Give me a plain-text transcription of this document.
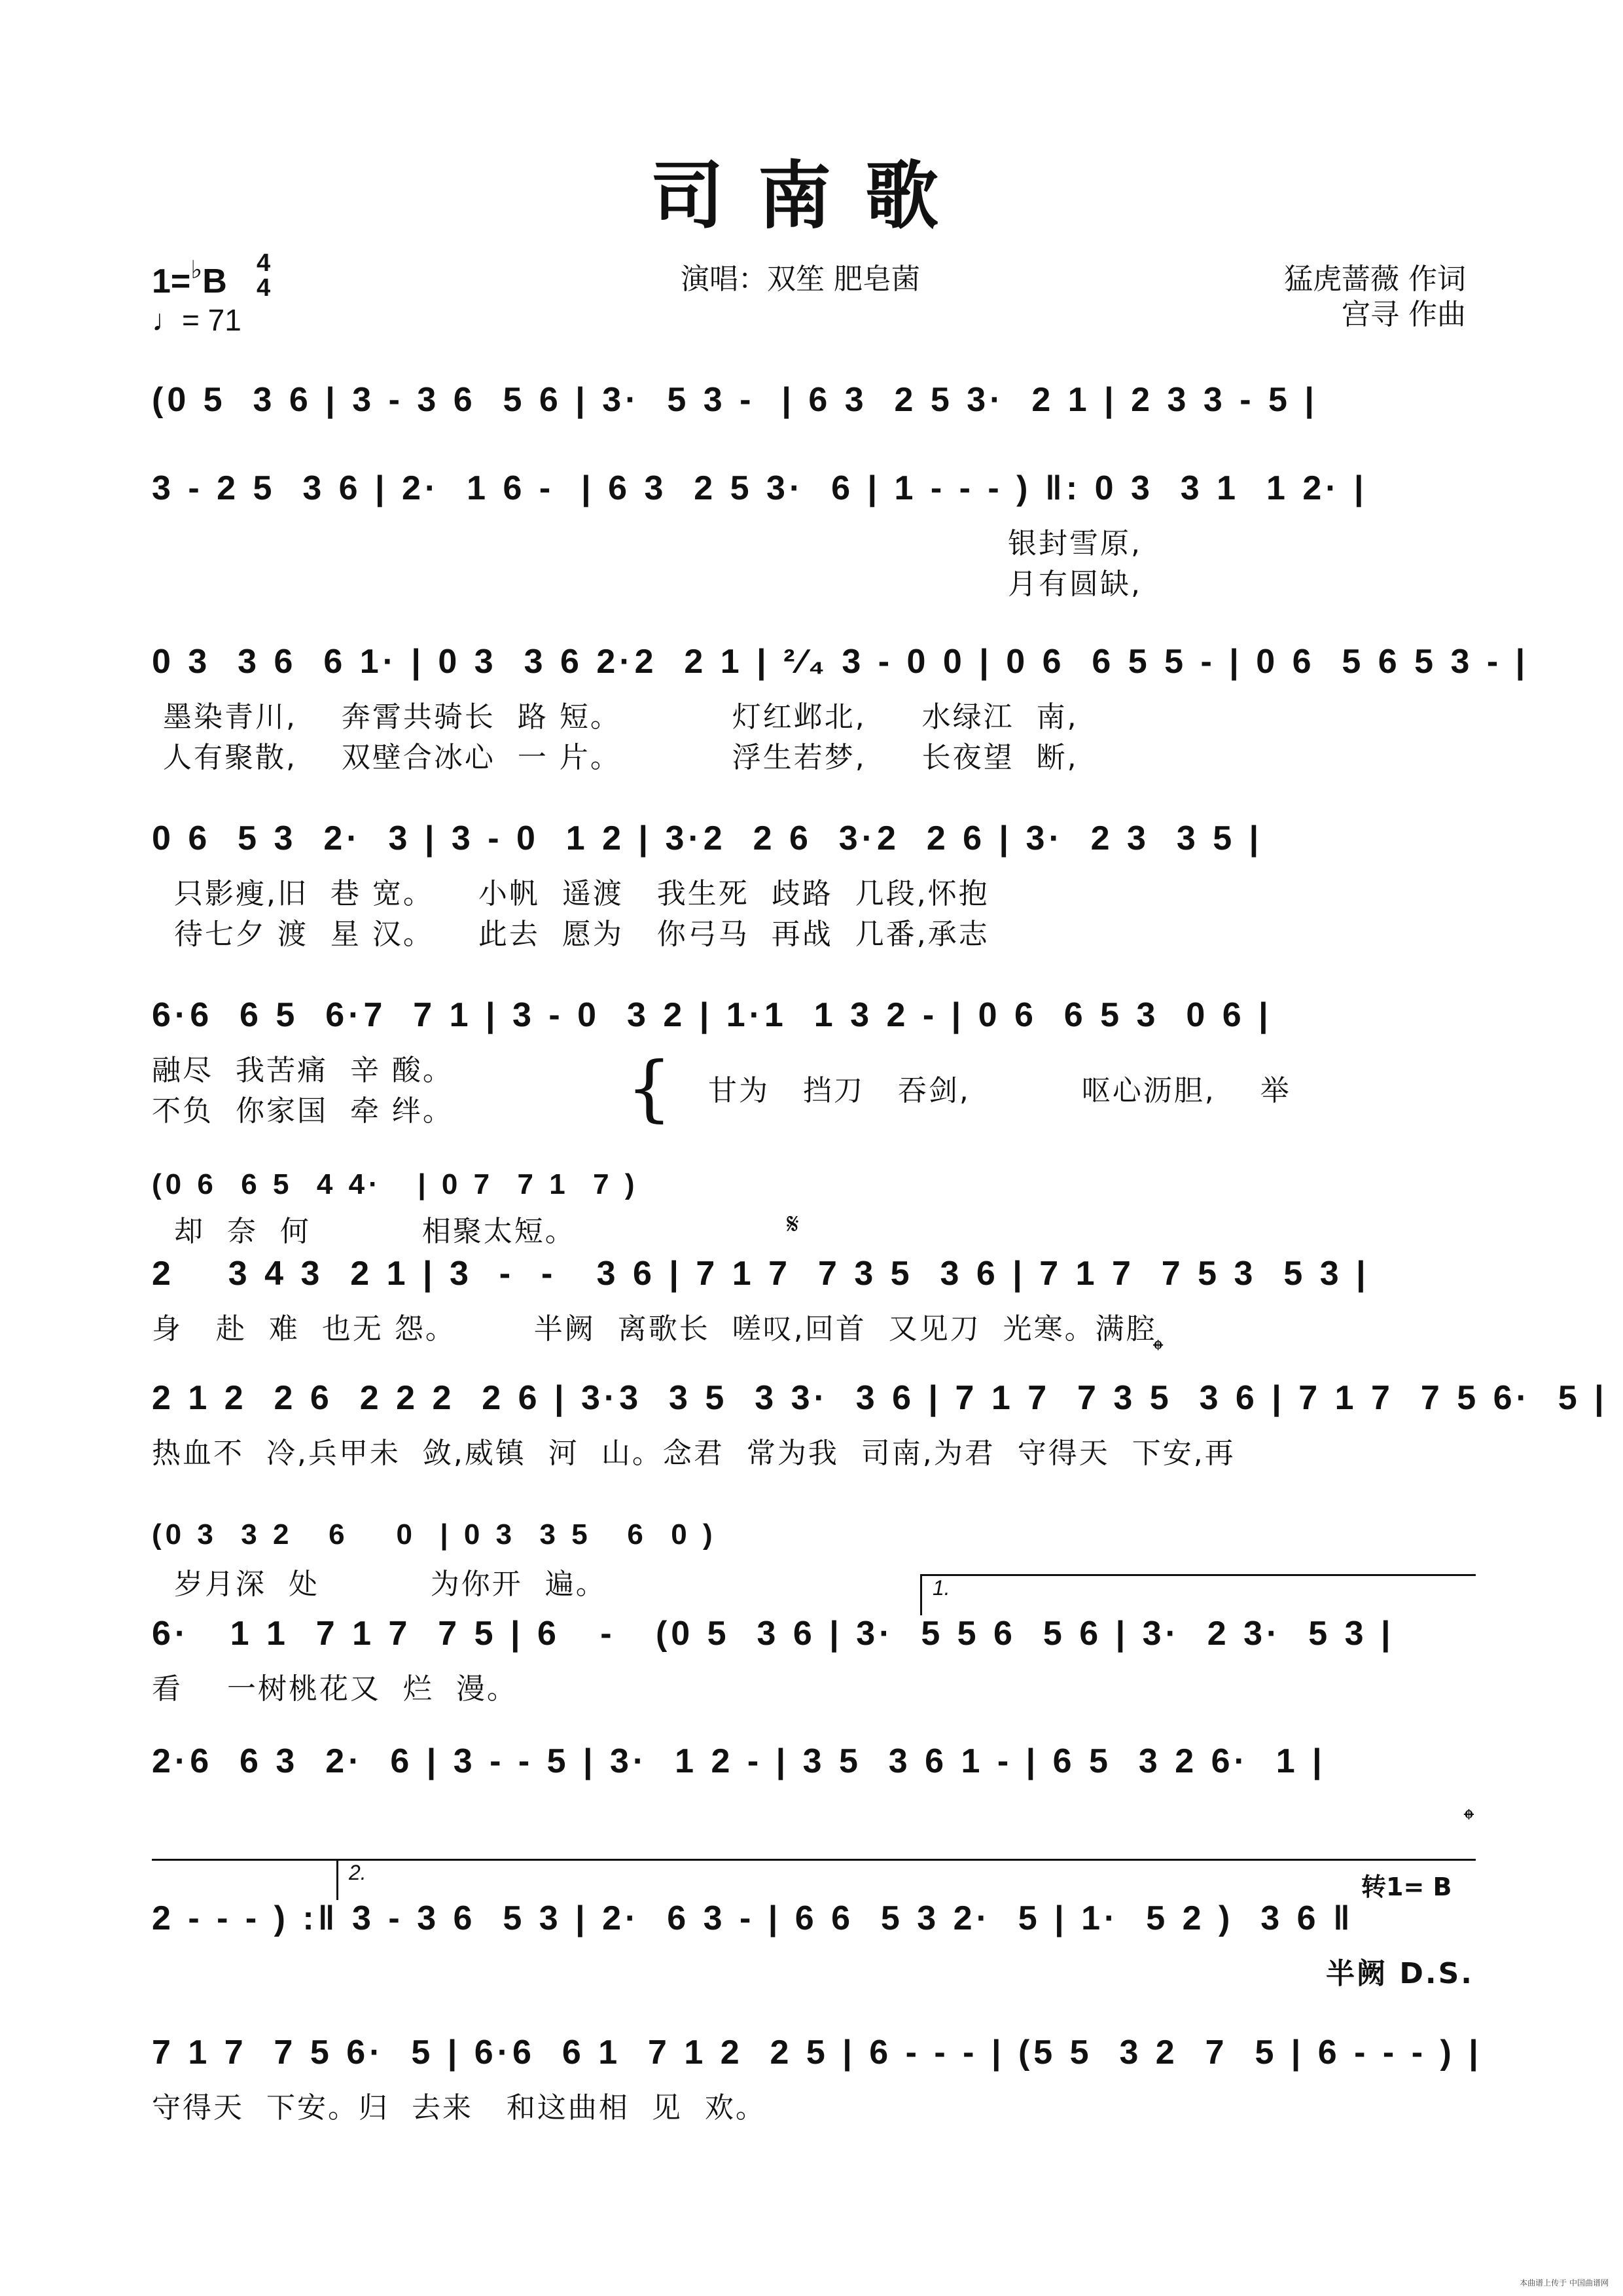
司南歌
1=♭B 4
4
♩= 71
演唱：双笙 肥皂菌	猛虎蔷薇 作词
宫寻 作曲
(0 5  3 6 | 3 - 3 6  5 6 | 3·  5 3 -  | 6 3  2 5 3·  2 1 | 2 3 3 - 5 |
3 - 2 5  3 6 | 2·  1 6 -  | 6 3  2 5 3·  6 | 1 - - - ) ‖: 0 3  3 1  1 2· |
银封雪原,
月有圆缺,
0 3  3 6  6 1· | 0 3  3 6 2·2  2 1 | ²⁄₄ 3 - 0 0 | 0 6  6 5 5 - | 0 6  5 6 5 3 - |
墨染青川,    奔霄共骑长  路 短。          灯红邺北,     水绿江  南,
人有聚散,    双壁合冰心  一 片。          浮生若梦,     长夜望  断,
0 6  5 3  2·  3 | 3 - 0  1 2 | 3·2  2 6  3·2  2 6 | 3·  2 3  3 5 |
只影瘦,旧  巷 宽。    小帆  遥渡   我生死  歧路  几段,怀抱
待七夕 渡  星 汉。    此去  愿为   你弓马  再战  几番,承志
6·6  6 5  6·7  7 1 | 3 - 0  3 2 | 1·1  1 3 2 - | 0 6  6 5 3  0 6 |
融尽  我苦痛  辛 酸。
不负  你家国  牵 绊。	{ 甘为   挡刀   吞剑,          呕心沥胆,    举
(0 6  6 5  4 4·   | 0 7  7 1  7 )
却  奈  何          相聚太短。	𝄋
2    3 4 3  2 1 | 3  -  -   3 6 | 7 1 7  7 3 5  3 6 | 7 1 7  7 5 3  5 3 |
身   赴  难  也无 怨。       半阙  离歌长  嗟叹,回首  又见刀  光寒。满腔
𝄌
2 1 2  2 6  2 2 2  2 6 | 3·3  3 5  3 3·  3 6 | 7 1 7  7 3 5  3 6 | 7 1 7  7 5 6·  5 |
热血不  冷,兵甲未  敛,威镇  河  山。念君  常为我  司南,为君  守得天  下安,再
(0 3  3 2   6    0  | 0 3  3 5   6  0 )
岁月深  处          为你开  遍。	1.
6·   1 1  7 1 7  7 5 | 6   -   (0 5  3 6 | 3·  5 5 6  5 6 | 3·  2 3·  5 3 |
看    一树桃花又  烂  漫。
2·6  6 3  2·  6 | 3 - - 5 | 3·  1 2 - | 3 5  3 6 1 - | 6 5  3 2 6·  1 |
𝄌
2.	转1= B
2 - - - ) :‖ 3 - 3 6  5 3 | 2·  6 3 - | 6 6  5 3 2·  5 | 1·  5 2 )  3 6 ‖
半阙 D.S.
7 1 7  7 5 6·  5 | 6·6  6 1  7 1 2  2 5 | 6 - - - | (5 5  3 2  7  5 | 6 - - - ) |
守得天  下安。归  去来   和这曲相  见  欢。
本曲谱上传于 中国曲谱网
